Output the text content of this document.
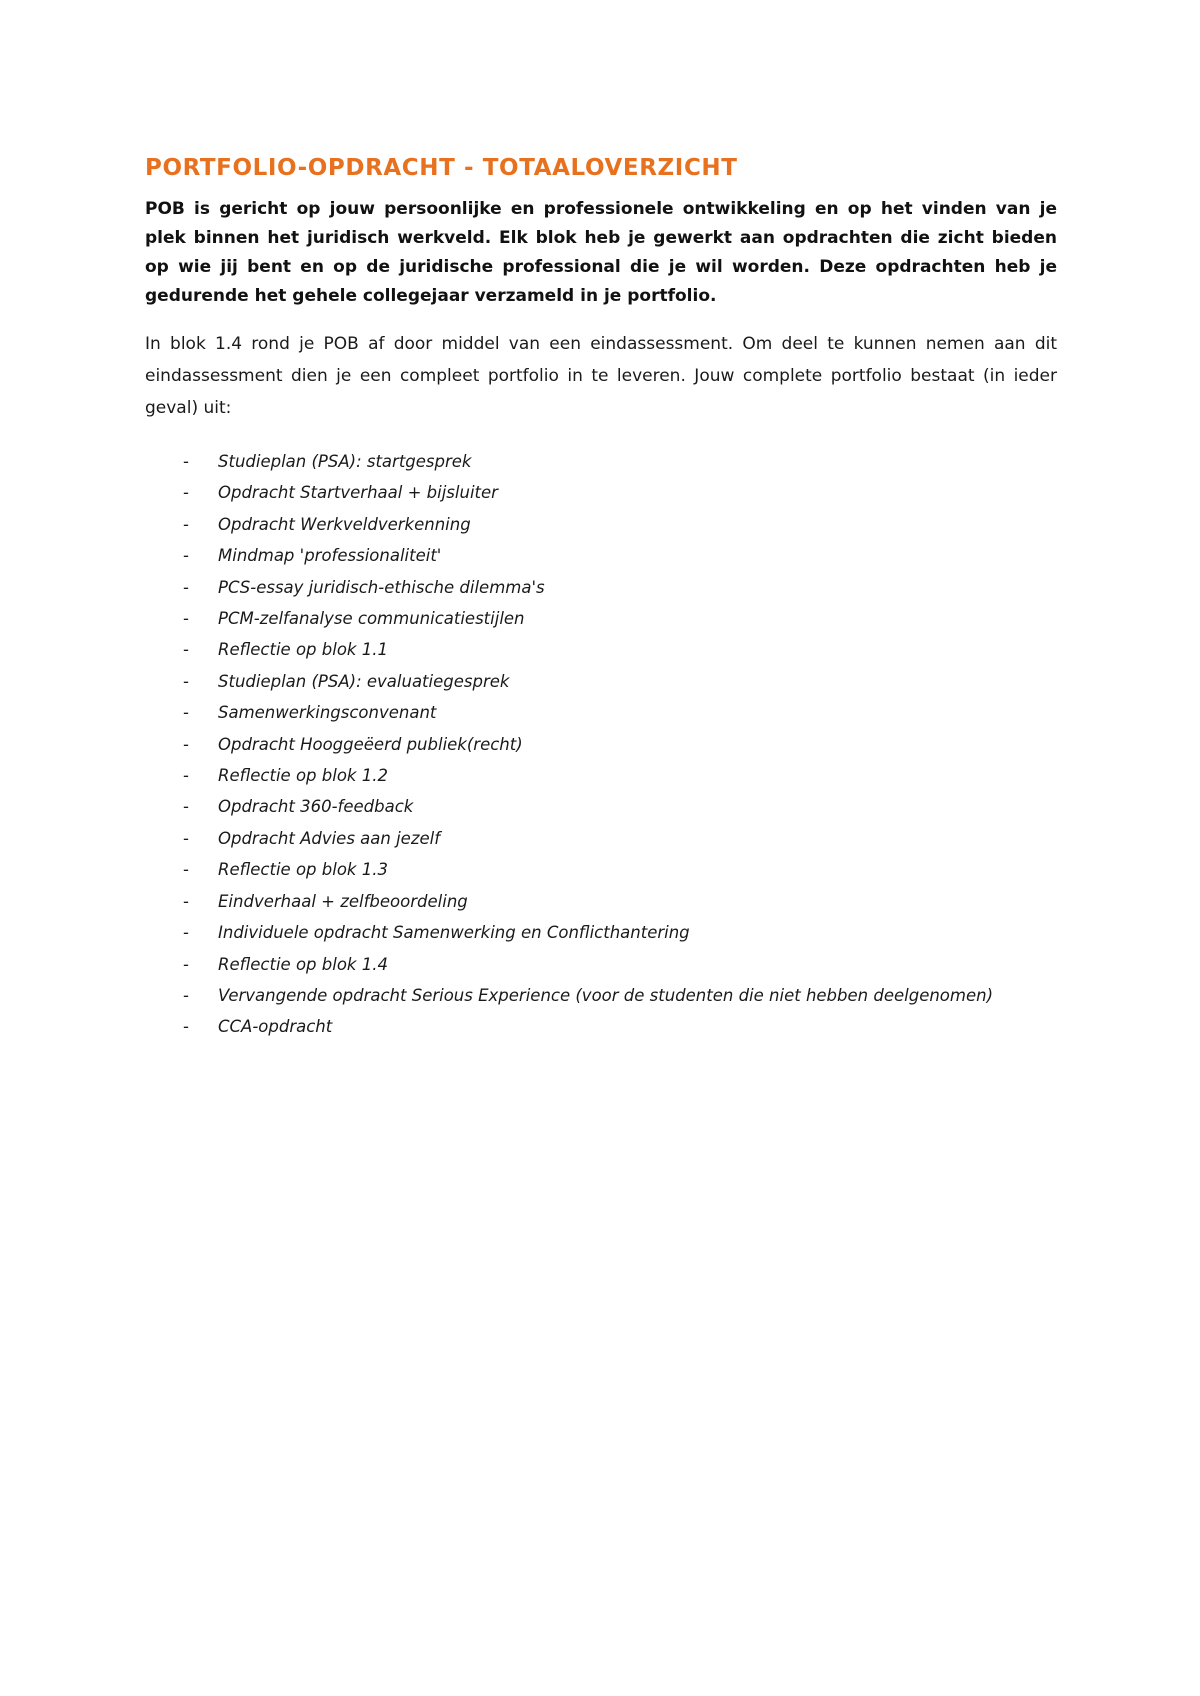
PORTFOLIO-OPDRACHT - TOTAALOVERZICHT

POB is gericht op jouw persoonlijke en professionele ontwikkeling en op het vinden van je plek binnen het juridisch werkveld. Elk blok heb je gewerkt aan opdrachten die zicht bieden op wie jij bent en op de juridische professional die je wil worden. Deze opdrachten heb je gedurende het gehele collegejaar verzameld in je portfolio.

In blok 1.4 rond je POB af door middel van een eindassessment. Om deel te kunnen nemen aan dit eindassessment dien je een compleet portfolio in te leveren. Jouw complete portfolio bestaat (in ieder geval) uit:

-	Studieplan (PSA): startgesprek
-	Opdracht Startverhaal + bijsluiter
-	Opdracht Werkveldverkenning
-	Mindmap 'professionaliteit'
-	PCS-essay juridisch-ethische dilemma's
-	PCM-zelfanalyse communicatiestijlen
-	Reflectie op blok 1.1
-	Studieplan (PSA): evaluatiegesprek
-	Samenwerkingsconvenant
-	Opdracht Hooggeëerd publiek(recht)
-	Reflectie op blok 1.2
-	Opdracht 360-feedback
-	Opdracht Advies aan jezelf
-	Reflectie op blok 1.3
-	Eindverhaal + zelfbeoordeling
-	Individuele opdracht Samenwerking en Conflicthantering
-	Reflectie op blok 1.4
-	Vervangende opdracht Serious Experience (voor de studenten die niet hebben deelgenomen)
-	CCA-opdracht
